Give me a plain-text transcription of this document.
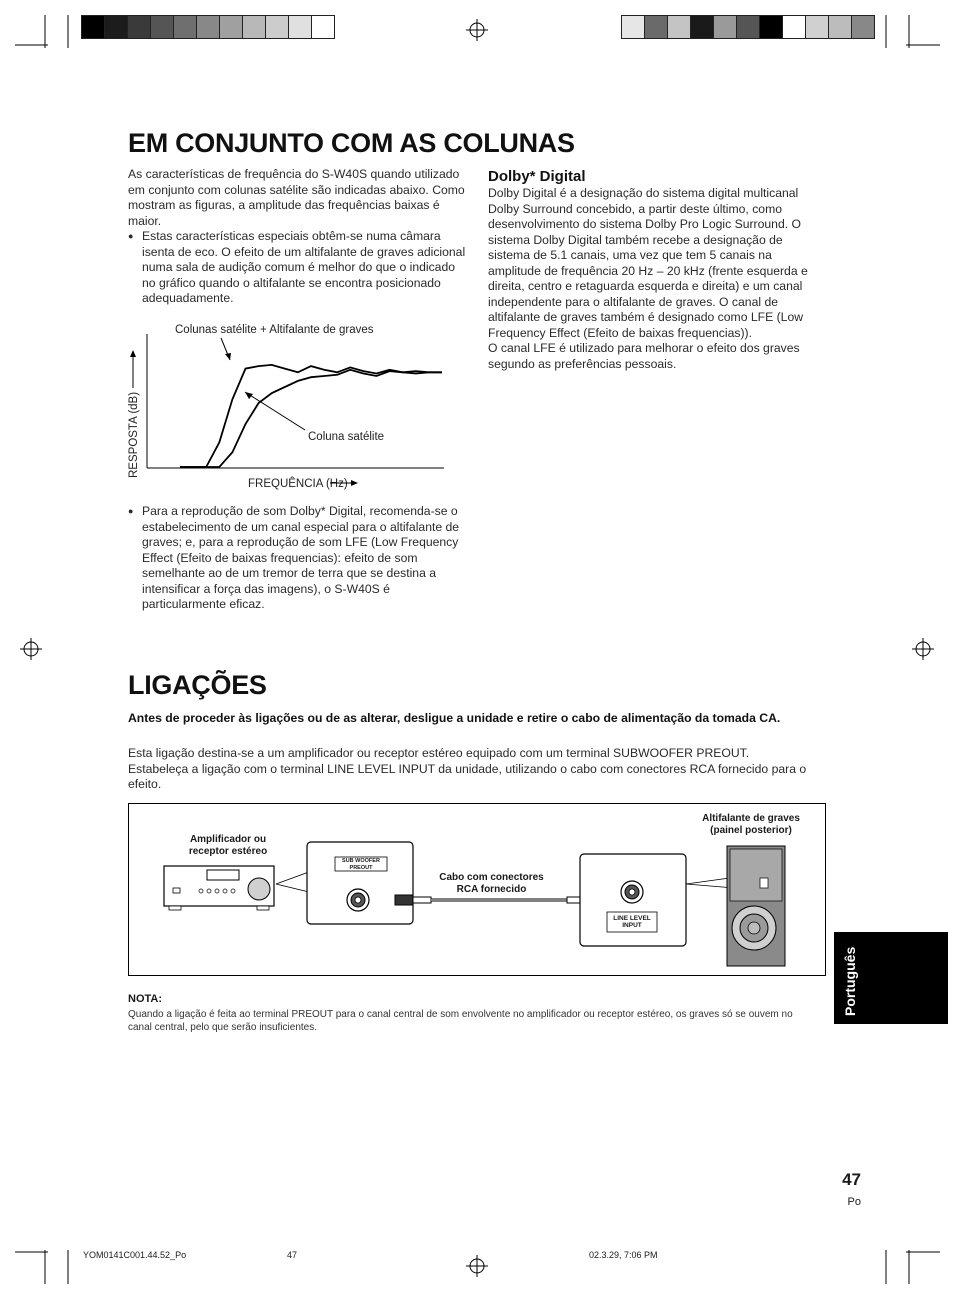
EM CONJUNTO COM AS COLUNAS
As características de frequência do S-W40S quando utilizado em conjunto com colunas satélite são indicadas abaixo. Como mostram as figuras, a amplitude das frequências baixas é maior.
● Estas características especiais obtêm-se numa câmara isenta de eco. O efeito de um altifalante de graves adicional numa sala de audição comum é melhor do que o indicado no gráfico quando o altifalante se encontra posicionado adequadamente.
Colunas satélite + Altifalante de graves
Coluna satélite
FREQUÊNCIA (Hz)
RESPOSTA (dB)
● Para a reprodução de som Dolby* Digital, recomenda-se o estabelecimento de um canal especial para o altifalante de graves; e, para a reprodução de som LFE (Low Frequency Effect (Efeito de baixas frequencias): efeito de som semelhante ao de um tremor de terra que se destina a intensificar a força das imagens), o S-W40S é particularmente eficaz.
Dolby* Digital
Dolby Digital é a designação do sistema digital multicanal Dolby Surround concebido, a partir deste último, como desenvolvimento do sistema Dolby Pro Logic Surround. O sistema Dolby Digital também recebe a designação de sistema de 5.1 canais, uma vez que tem 5 canais na amplitude de frequência 20 Hz – 20 kHz (frente esquerda e direita, centro e retaguarda esquerda e direita) e um canal independente para o altifalante de graves. O canal de altifalante de graves também é designado como LFE (Low Frequency Effect (Efeito de baixas frequencias)).
O canal LFE é utilizado para melhorar o efeito dos graves segundo as preferências pessoais.
LIGAÇÕES
Antes de proceder às ligações ou de as alterar, desligue a unidade e retire o cabo de alimentação da tomada CA.
Esta ligação destina-se a um amplificador ou receptor estéreo equipado com um terminal SUBWOOFER PREOUT.
Estabeleça a ligação com o terminal LINE LEVEL INPUT da unidade, utilizando o cabo com conectores RCA fornecido para o efeito.
Amplificador ou
receptor estéreo
SUB WOOFER
PREOUT
Cabo com conectores
RCA fornecido
LINE LEVEL
INPUT
Altifalante de graves
(painel posterior)
NOTA:
Quando a ligação é feita ao terminal PREOUT para o canal central de som envolvente no amplificador ou receptor estéreo, os graves só se ouvem no canal central, pelo que serão insuficientes.
Português
47
Po
YOM0141C001.44.52_Po	47	02.3.29, 7:06 PM
